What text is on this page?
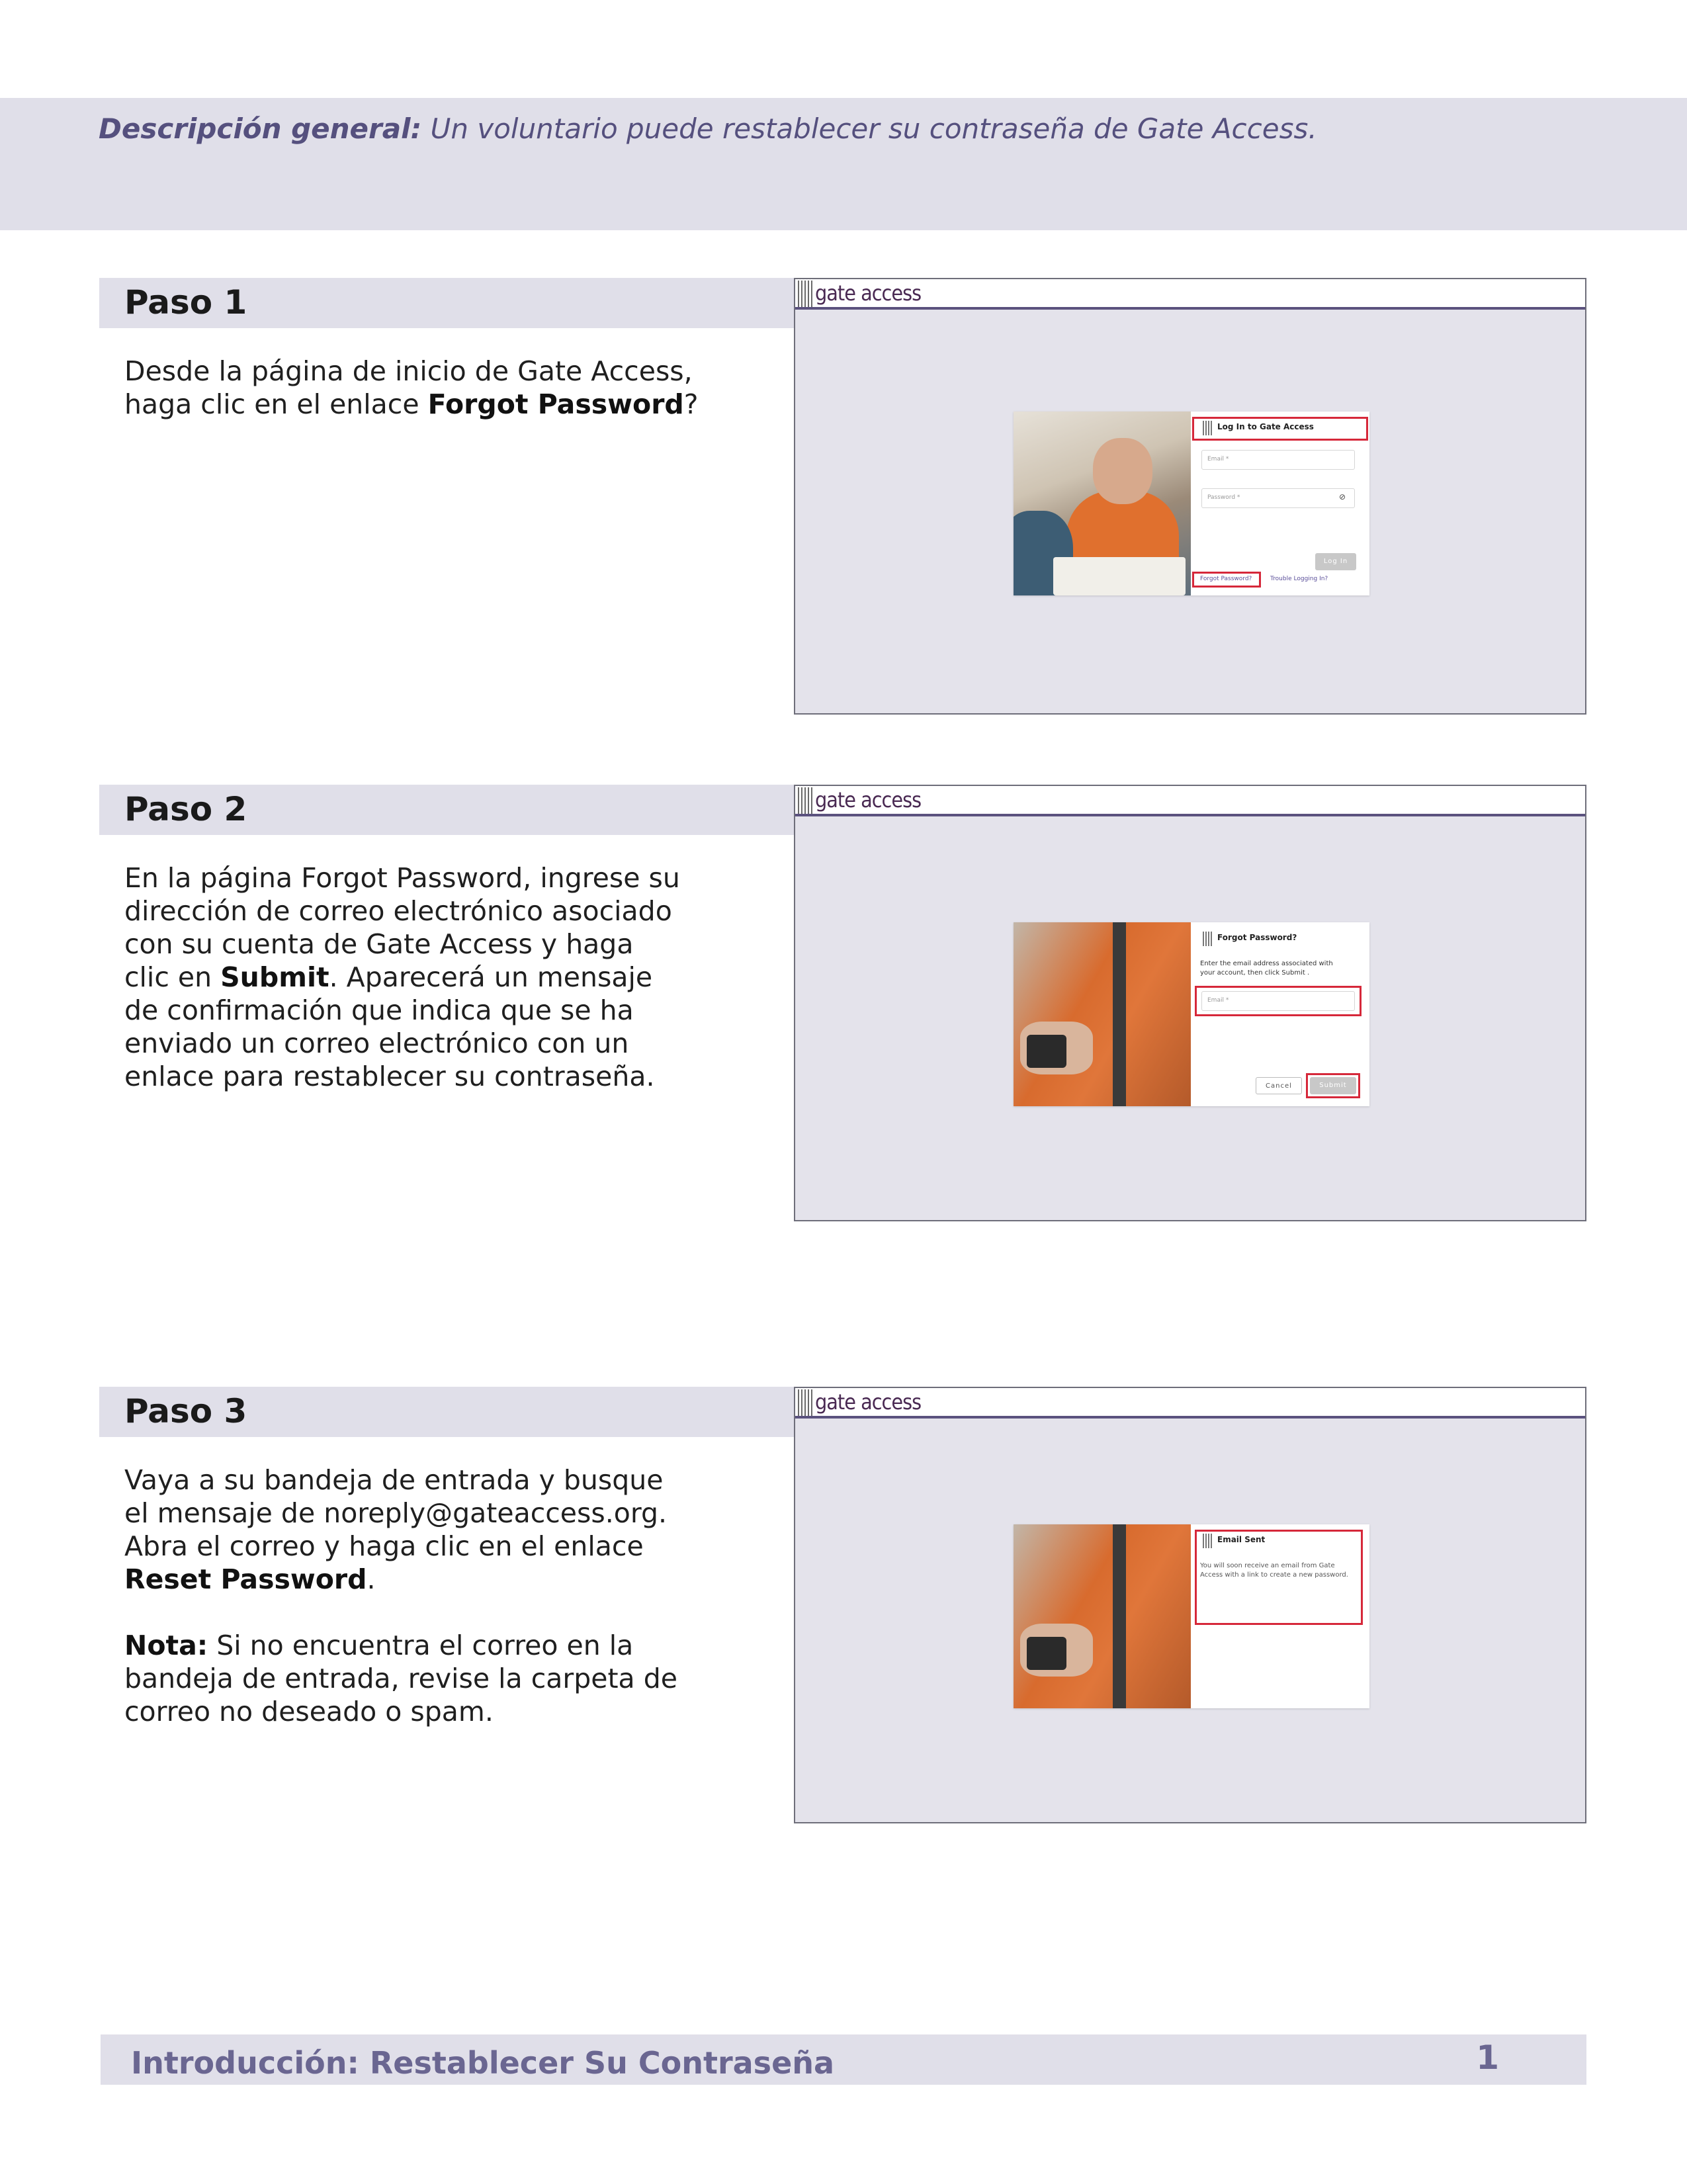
Descripción general: Un voluntario puede restablecer su contraseña de Gate Access.
Paso 1

Desde la página de inicio de Gate Access,

haga clic en el enlace Forgot Password?

gate access
Log In to Gate Access
Email *
Password *	⊘
Log In
Forgot Password?	Trouble Logging In?
Paso 2

En la página Forgot Password, ingrese su

dirección de correo electrónico asociado

con su cuenta de Gate Access y haga

clic en Submit. Aparecerá un mensaje

de confirmación que indica que se ha

enviado un correo electrónico con un

enlace para restablecer su contraseña.

gate access
Forgot Password?
Enter the email address associated with
your account, then click Submit .
Email *
Cancel	Submit
Paso 3

Vaya a su bandeja de entrada y busque

el mensaje de noreply@gateaccess.org.

Abra el correo y haga clic en el enlace

Reset Password.

Nota: Si no encuentra el correo en la

bandeja de entrada, revise la carpeta de

correo no deseado o spam.

gate access
Email Sent
You will soon receive an email from Gate Access with a link to create a new password.
Introducción: Restablecer Su Contraseña	1
